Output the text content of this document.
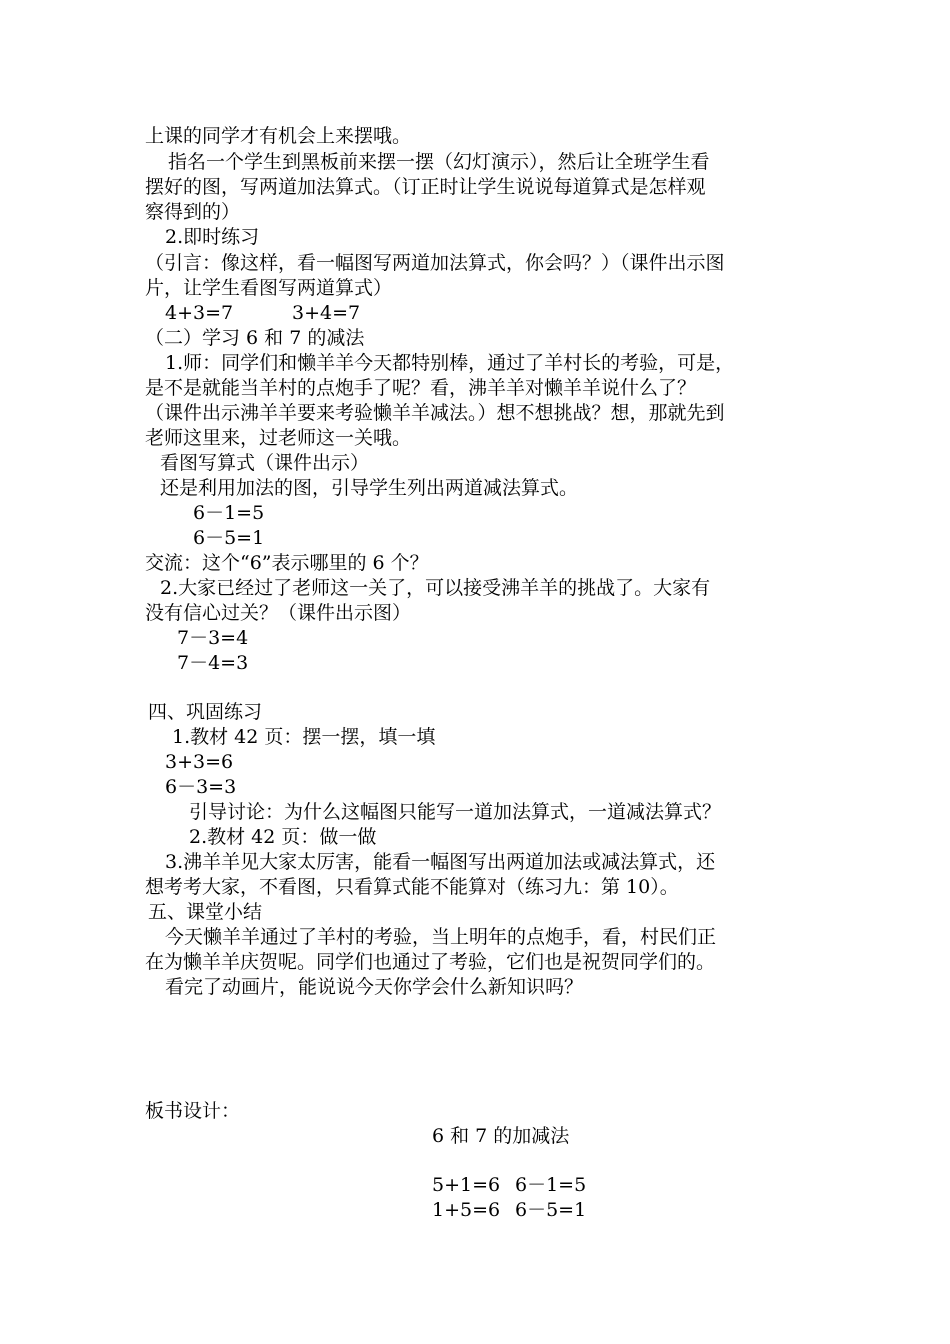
上课的同学才有机会上来摆哦。
指名一个学生到黑板前来摆一摆（幻灯演示），然后让全班学生看
摆好的图，写两道加法算式。（订正时让学生说说每道算式是怎样观
察得到的）
2.即时练习
（引言：像这样，看一幅图写两道加法算式，你会吗？）（课件出示图
片，让学生看图写两道算式）
4+3=7	3+4=7
（二）学习 6 和 7 的减法
1.师：同学们和懒羊羊今天都特别棒，通过了羊村长的考验，可是，
是不是就能当羊村的点炮手了呢？看，沸羊羊对懒羊羊说什么了？
（课件出示沸羊羊要来考验懒羊羊减法。）想不想挑战？想，那就先到
老师这里来，过老师这一关哦。
看图写算式（课件出示）
还是利用加法的图，引导学生列出两道减法算式。
6－1=5
6－5=1
交流：这个“6”表示哪里的 6 个？
2.大家已经过了老师这一关了，可以接受沸羊羊的挑战了。大家有
没有信心过关？（课件出示图）
7－3=4
7－4=3
四、巩固练习
1.教材 42 页：摆一摆，填一填
3+3=6
6－3=3
引导讨论：为什么这幅图只能写一道加法算式，一道减法算式？
2.教材 42 页：做一做
3.沸羊羊见大家太厉害，能看一幅图写出两道加法或减法算式，还
想考考大家，不看图，只看算式能不能算对（练习九：第 10）。
五、课堂小结
今天懒羊羊通过了羊村的考验，当上明年的点炮手，看，村民们正
在为懒羊羊庆贺呢。同学们也通过了考验，它们也是祝贺同学们的。
看完了动画片，能说说今天你学会什么新知识吗？
板书设计：
6 和 7 的加减法
5+1=6 6－1=5
1+5=6 6－5=1
